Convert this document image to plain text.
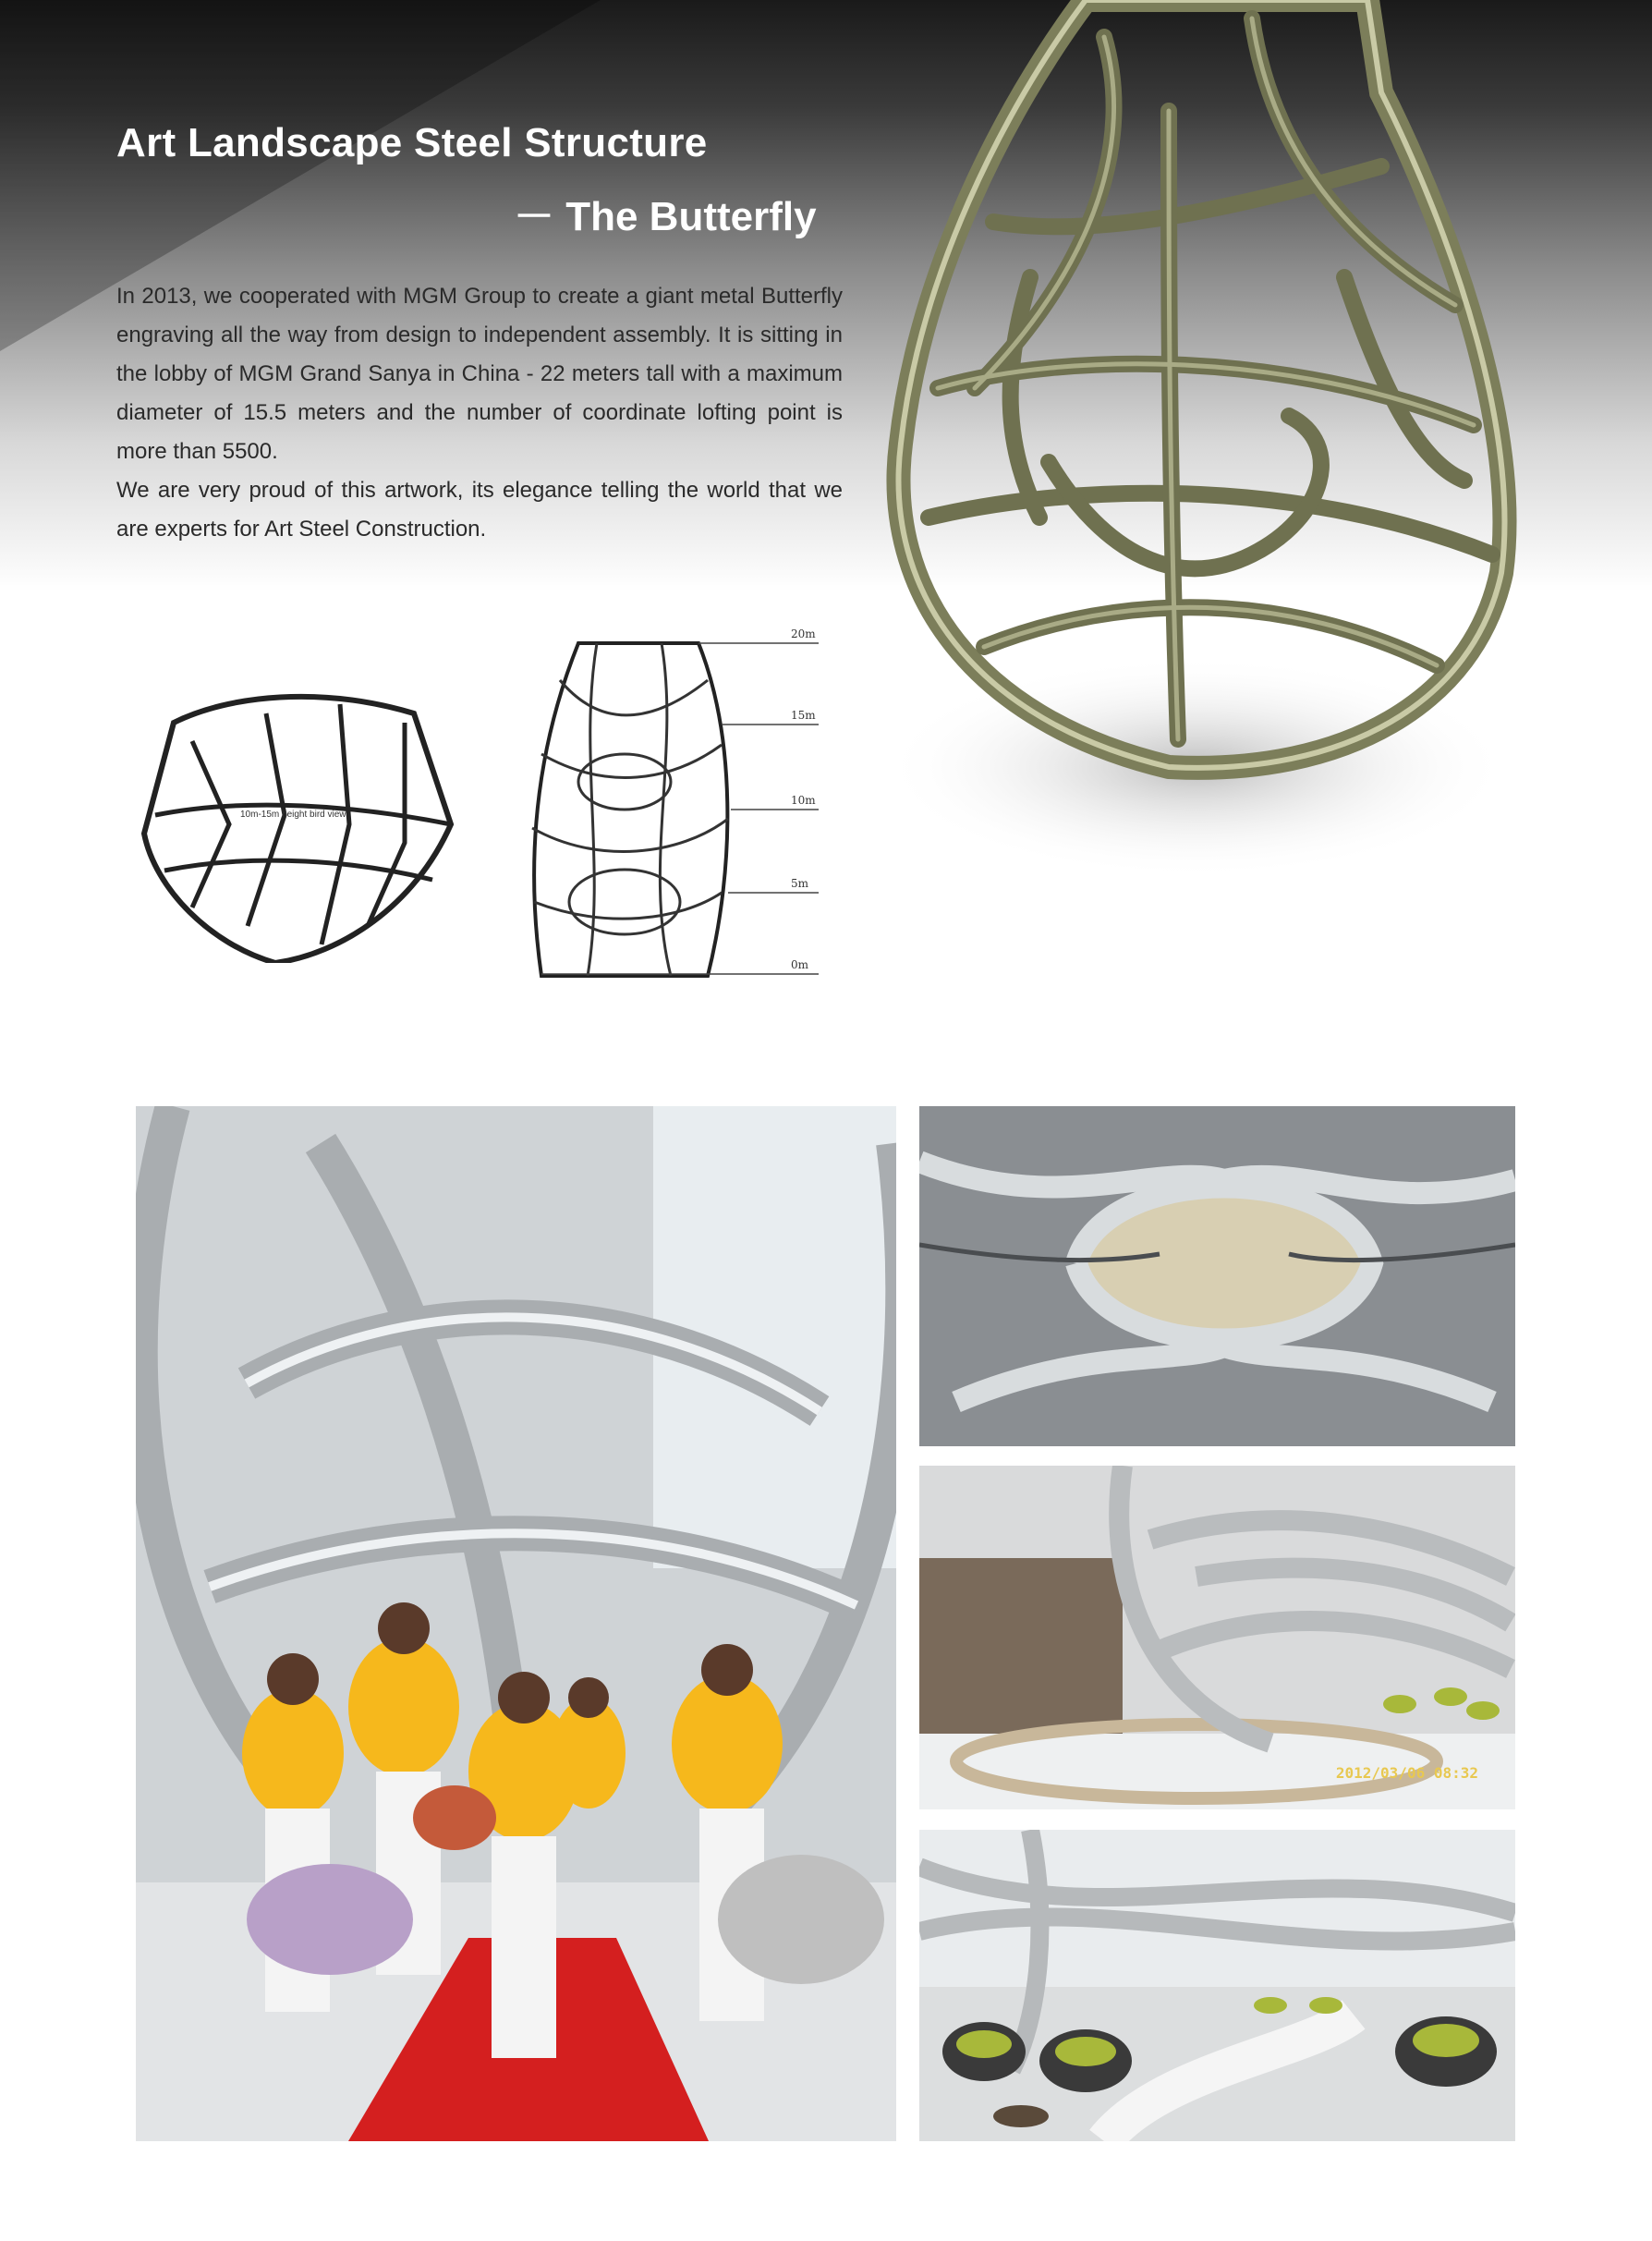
Art Landscape Steel Structure
－ The Butterfly

In 2013, we cooperated with MGM Group to create a giant metal Butterfly engraving all the way from design to independent assembly. It is sitting in the lobby of MGM Grand Sanya in China - 22 meters tall with a maximum diameter of 15.5 meters and the number of coordinate lofting point is more than 5500.

We are very proud of this artwork, its elegance telling the world that we are experts for Art Steel Construction.

10m-15m height bird view
20m
15m
10m
5m
0m
2012/03/06 08:32
